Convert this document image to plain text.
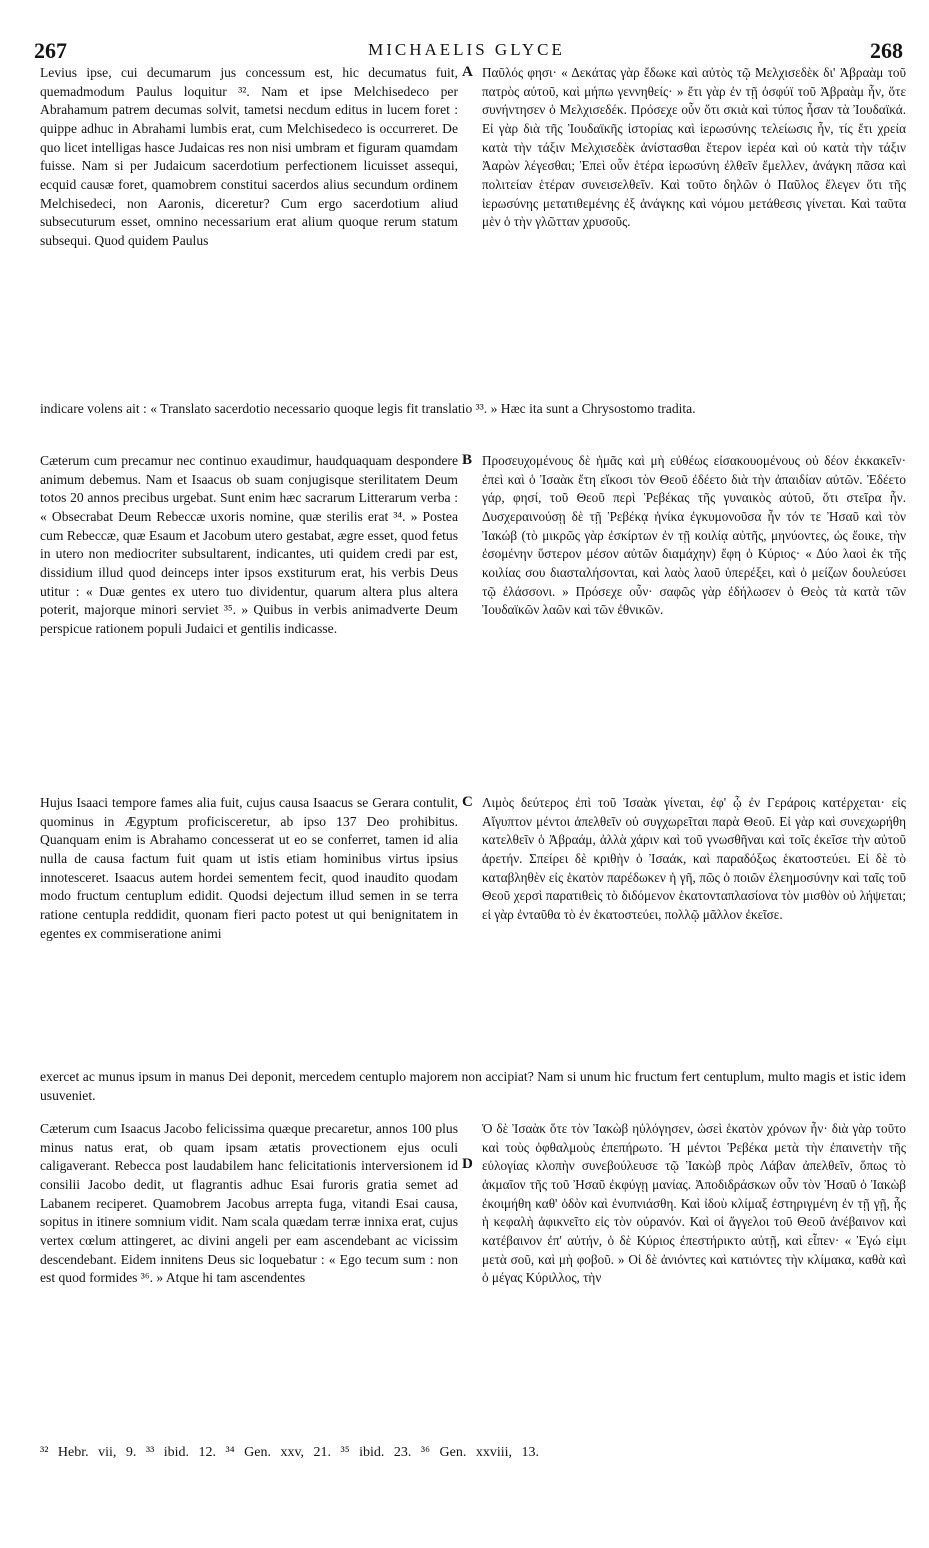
267	MICHAELIS GLYCE	268

Levius ipse, cui decumarum jus concessum est, hic decumatus fuit, quemadmodum Paulus loquitur ³². Nam et ipse Melchisedeco per Abrahamum patrem decumas solvit, tametsi necdum editus in lucem foret : quippe adhuc in Abrahami lumbis erat, cum Melchisedeco is occurreret. De quo licet intelligas hasce Judaicas res non nisi umbram et figuram quamdam fuisse. Nam si per Judaicum sacerdotium perfectionem licuisset assequi, ecquid causæ foret, quamobrem constitui sacerdos alius secundum ordinem Melchisedeci, non Aaronis, diceretur? Cum ergo sacerdotium aliud subsecuturum esset, omnino necessarium erat alium quoque rerum statum subsequi. Quod quidem Paulus

A Παῦλός φησι· « Δεκάτας γὰρ ἔδωκε καὶ αὐτὸς τῷ Μελχισεδὲκ δι' Ἀβραὰμ τοῦ πατρὸς αὐτοῦ, καὶ μήπω γεννηθείς· » ἔτι γὰρ ἐν τῇ ὀσφύϊ τοῦ Ἀβραὰμ ἦν, ὅτε συνήντησεν ὁ Μελχισεδέκ. Πρόσεχε οὖν ὅτι σκιὰ καὶ τύπος ἦσαν τὰ Ἰουδαϊκά. Εἰ γὰρ διὰ τῆς Ἰουδαϊκῆς ἱστορίας καὶ ἱερωσύνης τελείωσις ἦν, τίς ἔτι χρεία κατὰ τὴν τάξιν Μελχισεδὲκ ἀνίστασθαι ἕτερον ἱερέα καὶ οὐ κατὰ τὴν τάξιν Ἀαρὼν λέγεσθαι; Ἐπεὶ οὖν ἑτέρα ἱερωσύνη ἐλθεῖν ἔμελλεν, ἀνάγκη πᾶσα καὶ πολιτείαν ἑτέραν συνεισελθεῖν. Καὶ τοῦτο δηλῶν ὁ Παῦλος ἔλεγεν ὅτι τῆς ἱερωσύνης μετατιθεμένης ἐξ ἀνάγκης καὶ νόμου μετάθεσις γίνεται. Καὶ ταῦτα μὲν ὁ τὴν γλῶτταν χρυσοῦς.

indicare volens ait : « Translato sacerdotio necessario quoque legis fit translatio ³³. » Hæc ita sunt a Chrysostomo tradita.

Cæterum cum precamur nec continuo exaudimur, haudquaquam despondere animum debemus. Nam et Isaacus ob suam conjugisque sterilitatem Deum totos 20 annos precibus urgebat. Sunt enim hæc sacrarum Litterarum verba : « Obsecrabat Deum Rebeccæ uxoris nomine, quæ sterilis erat ³⁴. » Postea cum Rebeccæ, quæ Esaum et Jacobum utero gestabat, ægre esset, quod fetus in utero non mediocriter subsultarent, indicantes, uti quidem credi par est, dissidium illud quod deinceps inter ipsos exstiturum erat, his verbis Deus utitur : « Duæ gentes ex utero tuo dividentur, quarum altera plus altera poterit, majorque minori serviet ³⁵. » Quibus in verbis animadverte Deum perspicue rationem populi Judaici et gentilis indicasse.

B Προσευχομένους δὲ ἡμᾶς καὶ μὴ εὐθέως εἰσακουομένους οὐ δέον ἐκκακεῖν· ἐπεὶ καὶ ὁ Ἰσαὰκ ἔτη εἴκοσι τὸν Θεοῦ ἐδέετο διὰ τὴν ἀπαιδίαν αὐτῶν. Ἐδέετο γάρ, φησί, τοῦ Θεοῦ περὶ Ῥεβέκας τῆς γυναικὸς αὐτοῦ, ὅτι στεῖρα ἦν. Δυσχεραινούσῃ δὲ τῇ Ῥεβέκᾳ ἡνίκα ἐγκυμονοῦσα ἦν τόν τε Ἠσαῦ καὶ τὸν Ἰακώβ (τὸ μικρῶς γὰρ ἐσκίρτων ἐν τῇ κοιλίᾳ αὐτῆς, μηνύοντες, ὡς ἔοικε, τὴν ἐσομένην ὕστερον μέσον αὐτῶν διαμάχην) ἔφη ὁ Κύριος· « Δύο λαοὶ ἐκ τῆς κοιλίας σου διασταλήσονται, καὶ λαὸς λαοῦ ὑπερέξει, καὶ ὁ μείζων δουλεύσει τῷ ἐλάσσονι. » Πρόσεχε οὖν· σαφῶς γὰρ ἐδήλωσεν ὁ Θεὸς τὰ κατὰ τῶν Ἰουδαϊκῶν λαῶν καὶ τῶν ἐθνικῶν.

Hujus Isaaci tempore fames alia fuit, cujus causa Isaacus se Gerara contulit, quominus in Ægyptum proficisceretur, ab ipso 137 Deo prohibitus. Quanquam enim is Abrahamo concesserat ut eo se conferret, tamen id alia nulla de causa factum fuit quam ut istis etiam hominibus virtus ipsius innotesceret. Isaacus autem hordei sementem fecit, quod inaudito quodam modo fructum centuplum edidit. Quodsi dejectum illud semen in se terra ratione centupla reddidit, quonam fieri pacto potest ut qui benignitatem in egentes ex commiseratione animi

C Λιμὸς δεύτερος ἐπὶ τοῦ Ἰσαὰκ γίνεται, ἐφ' ᾧ ἐν Γεράροις κατέρχεται· εἰς Αἴγυπτον μέντοι ἀπελθεῖν οὐ συγχωρεῖται παρὰ Θεοῦ. Εἰ γὰρ καὶ συνεχωρήθη κατελθεῖν ὁ Ἀβραάμ, ἀλλὰ χάριν καὶ τοῦ γνωσθῆναι καὶ τοῖς ἐκεῖσε τὴν αὐτοῦ ἀρετήν. Σπείρει δὲ κριθὴν ὁ Ἰσαάκ, καὶ παραδόξως ἑκατοστεύει. Εἰ δὲ τὸ καταβληθὲν εἰς ἑκατὸν παρέδωκεν ἡ γῆ, πῶς ὁ ποιῶν ἐλεημοσύνην καὶ ταῖς τοῦ Θεοῦ χερσὶ παρατιθεὶς τὸ διδόμενον ἑκατονταπλασίονα τὸν μισθὸν οὐ λήψεται; εἰ γὰρ ἐνταῦθα τὸ ἐν ἑκατοστεύει, πολλῷ μᾶλλον ἐκεῖσε.

exercet ac munus ipsum in manus Dei deponit, mercedem centuplo majorem non accipiat? Nam si unum hic fructum fert centuplum, multo magis et istic idem usuveniet.

Cæterum cum Isaacus Jacobo felicissima quæque precaretur, annos 100 plus minus natus erat, ob quam ipsam ætatis provectionem ejus oculi caligaverant. Rebecca post laudabilem hanc felicitationis interversionem id consilii Jacobo dedit, ut flagrantis adhuc Esai furoris gratia semet ad Labanem reciperet. Quamobrem Jacobus arrepta fuga, vitandi Esai causa, sopitus in itinere somnium vidit. Nam scala quædam terræ innixa erat, cujus vertex cœlum attingeret, ac divini angeli per eam ascendebant ac vicissim descendebant. Eidem innitens Deus sic loquebatur : « Ego tecum sum : non est quod formides ³⁶. » Atque hi tam ascendentes

D

Ὁ δὲ Ἰσαὰκ ὅτε τὸν Ἰακὼβ ηὐλόγησεν, ὡσεὶ ἑκατὸν χρόνων ἦν· διὰ γὰρ τοῦτο καὶ τοὺς ὀφθαλμοὺς ἐπεπήρωτο. Ἡ μέντοι Ῥεβέκα μετὰ τὴν ἐπαινετὴν τῆς εὐλογίας κλοπὴν συνεβούλευσε τῷ Ἰακὼβ πρὸς Λάβαν ἀπελθεῖν, ὅπως τὸ ἀκμαῖον τῆς τοῦ Ἠσαῦ ἐκφύγῃ μανίας. Ἀποδιδράσκων οὖν τὸν Ἠσαῦ ὁ Ἰακὼβ ἐκοιμήθη καθ' ὁδὸν καὶ ἐνυπνιάσθη. Καὶ ἰδοὺ κλίμαξ ἐστηριγμένη ἐν τῇ γῇ, ἧς ἡ κεφαλὴ ἀφικνεῖτο εἰς τὸν οὐρανόν. Καὶ οἱ ἄγγελοι τοῦ Θεοῦ ἀνέβαινον καὶ κατέβαινον ἐπ' αὐτήν, ὁ δὲ Κύριος ἐπεστήρικτο αὐτῇ, καὶ εἶπεν· « Ἐγώ εἰμι μετὰ σοῦ, καὶ μὴ φοβοῦ. » Οἱ δὲ ἀνιόντες καὶ κατιόντες τὴν κλίμακα, καθὰ καὶ ὁ μέγας Κύριλλος, τὴν

³² Hebr. vii, 9. ³³ ibid. 12. ³⁴ Gen. xxv, 21. ³⁵ ibid. 23. ³⁶ Gen. xxviii, 13.
